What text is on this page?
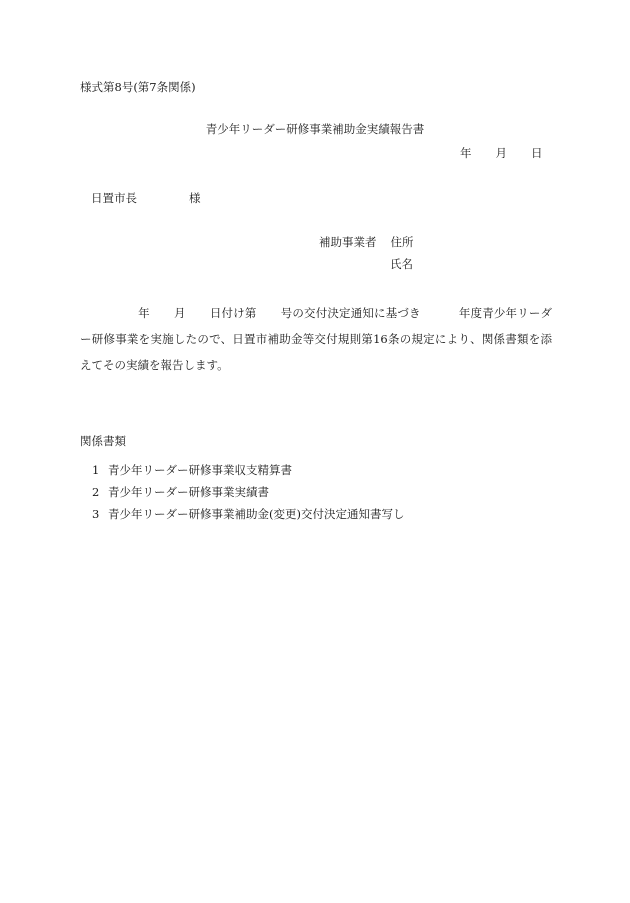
様式第8号(第7条関係)
青少年リーダー研修事業補助金実績報告書
年 月 日
日置市長	様
補助事業者 住所
氏名
年 月 日付け第 号の交付決定通知に基づき	年度青少年リーダー研修事業を実施したので、日置市補助金等交付規則第16条の規定により、関係書類を添えてその実績を報告します。
関係書類
1 青少年リーダー研修事業収支精算書
2 青少年リーダー研修事業実績書
3 青少年リーダー研修事業補助金(変更)交付決定通知書写し
